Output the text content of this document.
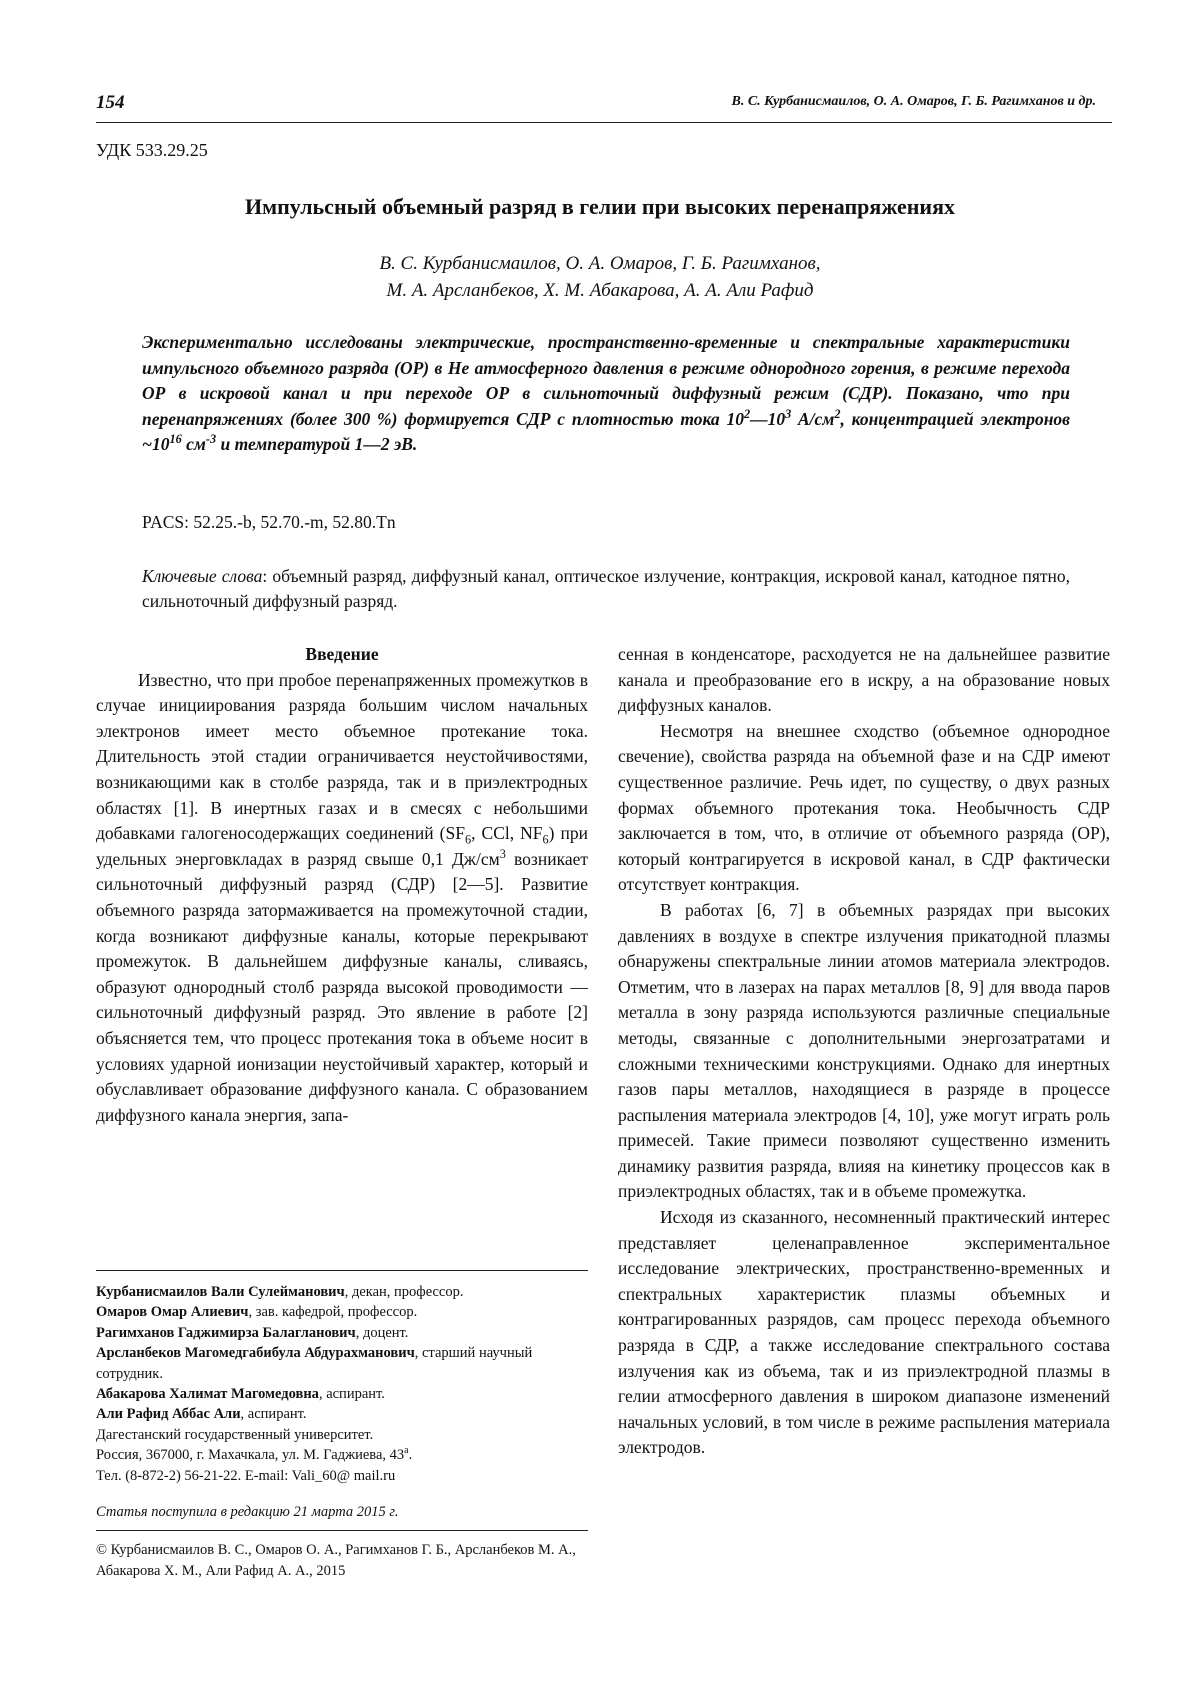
154	В. С. Курбанисмаилов, О. А. Омаров, Г. Б. Рагимханов и др.
УДК 533.29.25
Импульсный объемный разряд в гелии при высоких перенапряжениях
В. С. Курбанисмаилов, О. А. Омаров, Г. Б. Рагимханов,
М. А. Арсланбеков, Х. М. Абакарова, А. А. Али Рафид
Экспериментально исследованы электрические, пространственно-временные и спектральные характеристики импульсного объемного разряда (ОР) в Не атмосферного давления в режиме однородного горения, в режиме перехода ОР в искровой канал и при переходе ОР в сильноточный диффузный режим (СДР). Показано, что при перенапряжениях (более 300 %) формируется СДР с плотностью тока $10^2—10^3$ $А/см^2$, концентрацией электронов $\sim 10^{16}$ $см^{-3}$ и температурой 1—2 эВ.
PACS: 52.25.-b, 52.70.-m, 52.80.Tn
Ключевые слова: объемный разряд, диффузный канал, оптическое излучение, контракция, искровой канал, катодное пятно, сильноточный диффузный разряд.

Введение

Известно, что при пробое перенапряженных промежутков в случае инициирования разряда большим числом начальных электронов имеет место объемное протекание тока. Длительность этой стадии ограничивается неустойчивостями, возникающими как в столбе разряда, так и в приэлектродных областях [1]. В инертных газах и в смесях с небольшими добавками галогеносодержащих соединений ($SF_6$, CCl, $NF_6$) при удельных энерговкладах в разряд свыше 0,1 $Дж/см^3$ возникает сильноточный диффузный разряд (СДР) [2—5]. Развитие объемного разряда затормаживается на промежуточной стадии, когда возникают диффузные каналы, которые перекрывают промежуток. В дальнейшем диффузные каналы, сливаясь, образуют однородный столб разряда высокой проводимости — сильноточный диффузный разряд. Это явление в работе [2] объясняется тем, что процесс протекания тока в объеме носит в условиях ударной ионизации неустойчивый характер, который и обуславливает образование диффузного канала. С образованием диффузного канала энергия, запа-

сенная в конденсаторе, расходуется не на дальнейшее развитие канала и преобразование его в искру, а на образование новых диффузных каналов.

Несмотря на внешнее сходство (объемное однородное свечение), свойства разряда на объемной фазе и на СДР имеют существенное различие. Речь идет, по существу, о двух разных формах объемного протекания тока. Необычность СДР заключается в том, что, в отличие от объемного разряда (ОР), который контрагируется в искровой канал, в СДР фактически отсутствует контракция.

В работах [6, 7] в объемных разрядах при высоких давлениях в воздухе в спектре излучения прикатодной плазмы обнаружены спектральные линии атомов материала электродов. Отметим, что в лазерах на парах металлов [8, 9] для ввода паров металла в зону разряда используются различные специальные методы, связанные с дополнительными энергозатратами и сложными техническими конструкциями. Однако для инертных газов пары металлов, находящиеся в разряде в процессе распыления материала электродов [4, 10], уже могут играть роль примесей. Такие примеси позволяют существенно изменить динамику развития разряда, влияя на кинетику процессов как в приэлектродных областях, так и в объеме промежутка.

Исходя из сказанного, несомненный практический интерес представляет целенаправленное экспериментальное исследование электрических, пространственно-временных и спектральных характеристик плазмы объемных и контрагированных разрядов, сам процесс перехода объемного разряда в СДР, а также исследование спектрального состава излучения как из объема, так и из приэлектродной плазмы в гелии атмосферного давления в широком диапазоне изменений начальных условий, в том числе в режиме распыления материала электродов.

Курбанисмаилов Вали Сулейманович, декан, профессор.
Омаров Омар Алиевич, зав. кафедрой, профессор.
Рагимханов Гаджимирза Балагланович, доцент.
Арсланбеков Магомедгабибула Абдурахманович, старший научный сотрудник.
Абакарова Халимат Магомедовна, аспирант.
Али Рафид Аббас Али, аспирант.
Дагестанский государственный университет.
Россия, 367000, г. Махачкала, ул. М. Гаджиева, $43^а$.
Тел. (8-872-2) 56-21-22. E-mail: Vali_60@ mail.ru
Статья поступила в редакцию 21 марта 2015 г.
© Курбанисмаилов В. С., Омаров О. А., Рагимханов Г. Б., Арсланбеков М. А., Абакарова Х. М., Али Рафид А. А., 2015
